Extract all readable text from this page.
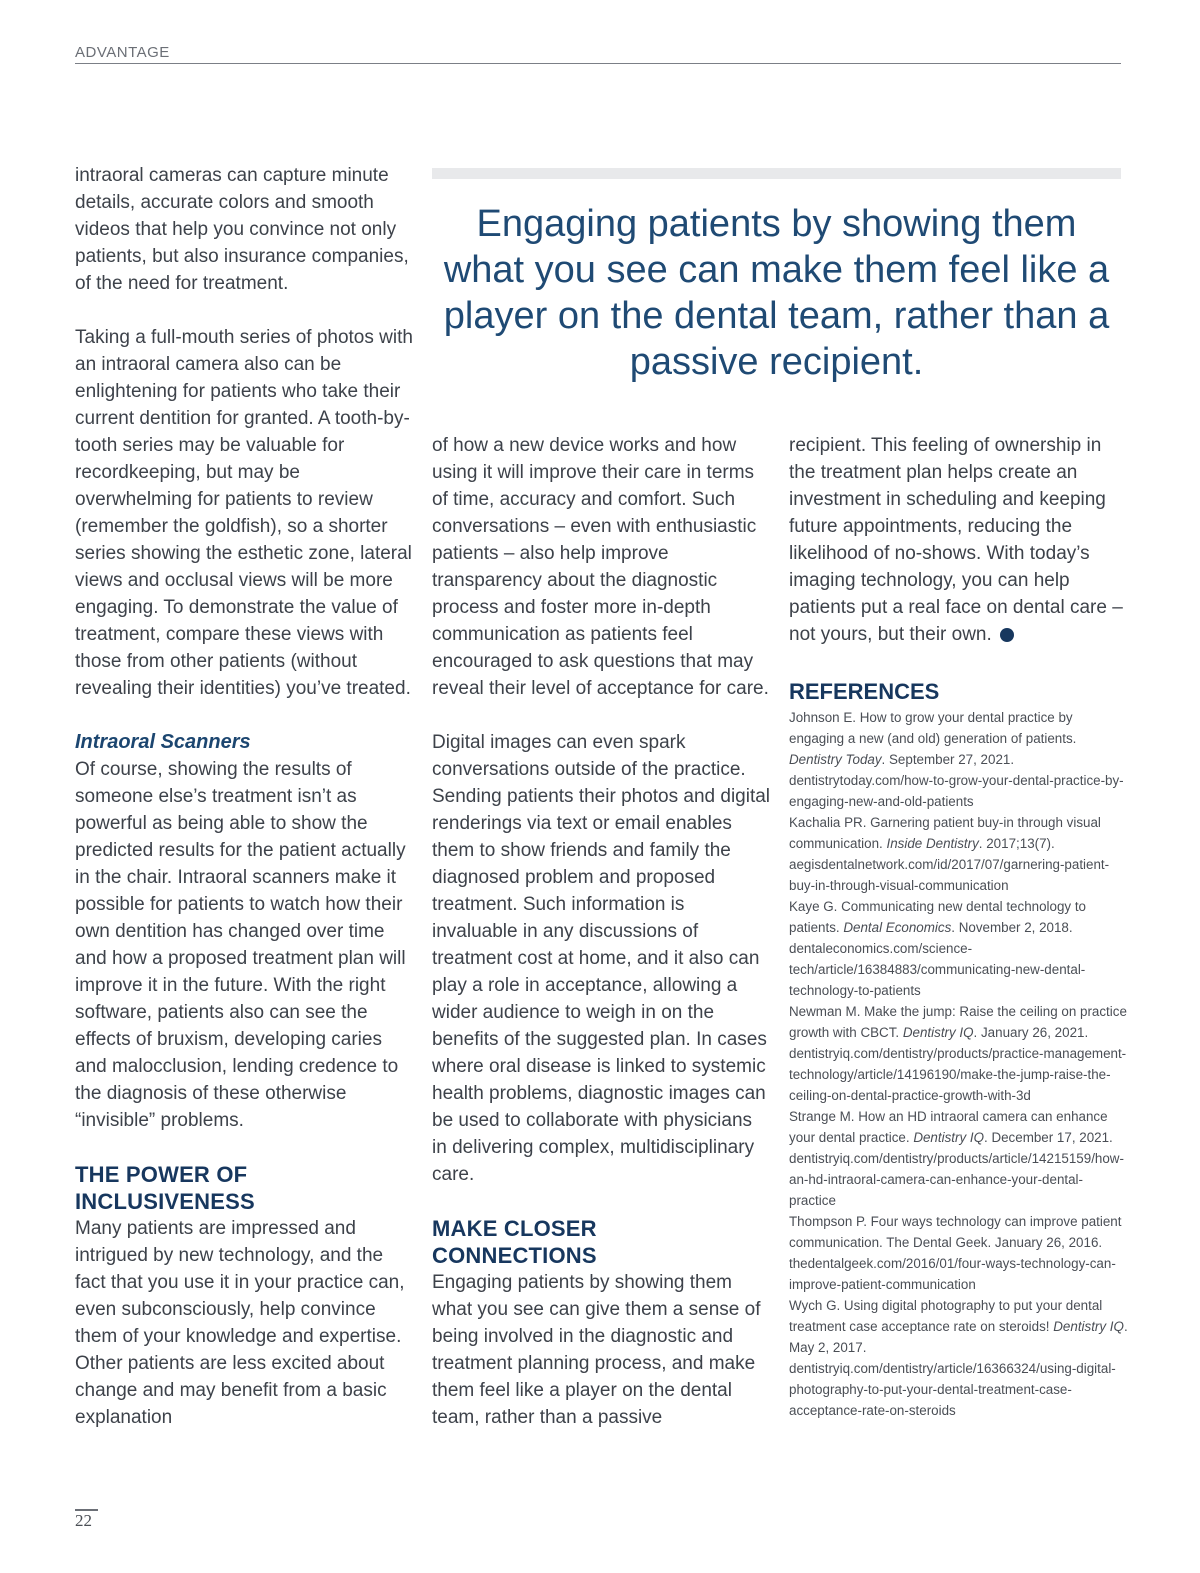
ADVANTAGE
Engaging patients by showing them what you see can make them feel like a player on the dental team, rather than a passive recipient.

intraoral cameras can capture minute details, accurate colors and smooth videos that help you convince not only patients, but also insurance companies, of the need for treatment.

Taking a full-mouth series of photos with an intraoral camera also can be enlightening for patients who take their current dentition for granted. A tooth-by-tooth series may be valuable for recordkeeping, but may be overwhelming for patients to review (remember the goldfish), so a shorter series showing the esthetic zone, lateral views and occlusal views will be more engaging. To demonstrate the value of treatment, compare these views with those from other patients (without revealing their identities) you’ve treated.

Intraoral Scanners

Of course, showing the results of someone else’s treatment isn’t as powerful as being able to show the predicted results for the patient actually in the chair. Intraoral scanners make it possible for patients to watch how their own dentition has changed over time and how a proposed treatment plan will improve it in the future. With the right software, patients also can see the effects of bruxism, developing caries and malocclusion, lending credence to the diagnosis of these otherwise “invisible” problems.

THE POWER OF
INCLUSIVENESS

Many patients are impressed and intrigued by new technology, and the fact that you use it in your practice can, even subconsciously, help convince them of your knowledge and expertise. Other patients are less excited about change and may benefit from a basic explanation

of how a new device works and how using it will improve their care in terms of time, accuracy and comfort. Such conversations – even with enthusiastic patients – also help improve transparency about the diagnostic process and foster more in-depth communication as patients feel encouraged to ask questions that may reveal their level of acceptance for care.

Digital images can even spark conversations outside of the practice. Sending patients their photos and digital renderings via text or email enables them to show friends and family the diagnosed problem and proposed treatment. Such information is invaluable in any discussions of treatment cost at home, and it also can play a role in acceptance, allowing a wider audience to weigh in on the benefits of the suggested plan. In cases where oral disease is linked to systemic health problems, diagnostic images can be used to collaborate with physicians in delivering complex, multidisciplinary care.

MAKE CLOSER
CONNECTIONS

Engaging patients by showing them what you see can give them a sense of being involved in the diagnostic and treatment planning process, and make them feel like a player on the dental team, rather than a passive

recipient. This feeling of ownership in the treatment plan helps create an investment in scheduling and keeping future appointments, reducing the likelihood of no-shows. With today’s imaging technology, you can help patients put a real face on dental care – not yours, but their own.

REFERENCES

Johnson E. How to grow your dental practice by engaging a new (and old) generation of patients. Dentistry Today. September 27, 2021. dentistrytoday.com/how-to-grow-your-dental-practice-by-engaging-new-and-old-patients

Kachalia PR. Garnering patient buy-in through visual communication. Inside Dentistry. 2017;13(7). aegisdentalnetwork.com/id/2017/07/garnering-patient-buy-in-through-visual-communication

Kaye G. Communicating new dental technology to patients. Dental Economics. November 2, 2018. dentaleconomics.com/science-tech/article/16384883/communicating-new-dental-technology-to-patients

Newman M. Make the jump: Raise the ceiling on practice growth with CBCT. Dentistry IQ. January 26, 2021. dentistryiq.com/dentistry/products/practice-management-technology/article/14196190/make-the-jump-raise-the-ceiling-on-dental-practice-growth-with-3d

Strange M. How an HD intraoral camera can enhance your dental practice. Dentistry IQ. December 17, 2021. dentistryiq.com/dentistry/products/article/14215159/how-an-hd-intraoral-camera-can-enhance-your-dental-practice

Thompson P. Four ways technology can improve patient communication. The Dental Geek. January 26, 2016. thedentalgeek.com/2016/01/four-ways-technology-can-improve-patient-communication

Wych G. Using digital photography to put your dental treatment case acceptance rate on steroids! Dentistry IQ. May 2, 2017. dentistryiq.com/dentistry/article/16366324/using-digital-photography-to-put-your-dental-treatment-case-acceptance-rate-on-steroids

22
